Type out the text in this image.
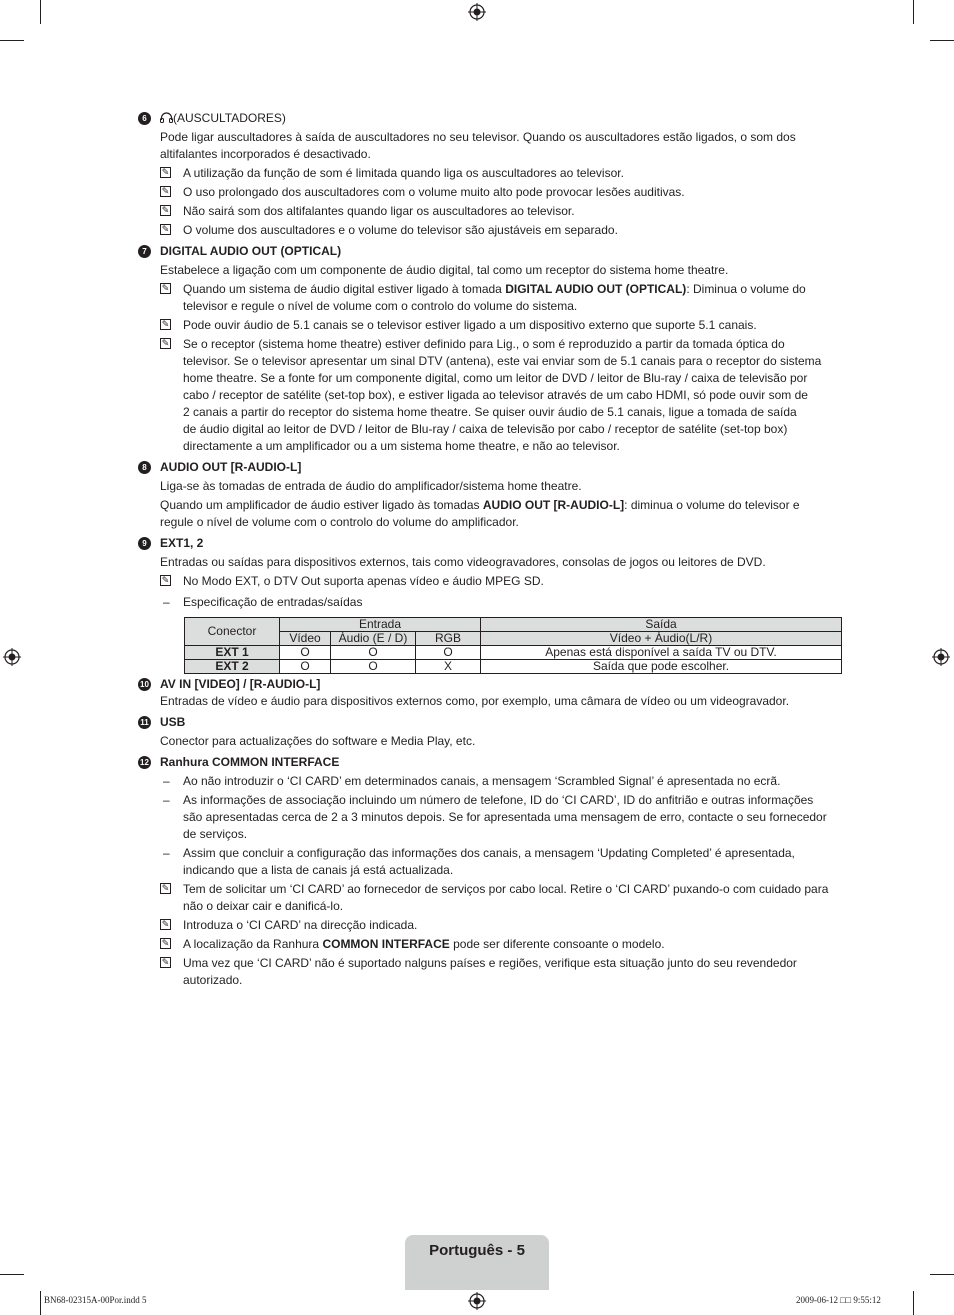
6	(AUSCULTADORES)
Pode ligar auscultadores à saída de auscultadores no seu televisor. Quando os auscultadores estão ligados, o som dos
altifalantes incorporados é desactivado.
✎ A utilização da função de som é limitada quando liga os auscultadores ao televisor.
✎ O uso prolongado dos auscultadores com o volume muito alto pode provocar lesões auditivas.
✎ Não sairá som dos altifalantes quando ligar os auscultadores ao televisor.
✎ O volume dos auscultadores e o volume do televisor são ajustáveis em separado.
7	DIGITAL AUDIO OUT (OPTICAL)
Estabelece a ligação com um componente de áudio digital, tal como um receptor do sistema home theatre.
✎ Quando um sistema de áudio digital estiver ligado à tomada DIGITAL AUDIO OUT (OPTICAL): Diminua o volume do
televisor e regule o nível de volume com o controlo do volume do sistema.
✎ Pode ouvir áudio de 5.1 canais se o televisor estiver ligado a um dispositivo externo que suporte 5.1 canais.
✎ Se o receptor (sistema home theatre) estiver definido para Lig., o som é reproduzido a partir da tomada óptica do
televisor. Se o televisor apresentar um sinal DTV (antena), este vai enviar som de 5.1 canais para o receptor do sistema
home theatre. Se a fonte for um componente digital, como um leitor de DVD / leitor de Blu-ray / caixa de televisão por
cabo / receptor de satélite (set-top box), e estiver ligada ao televisor através de um cabo HDMI, só pode ouvir som de
2 canais a partir do receptor do sistema home theatre. Se quiser ouvir áudio de 5.1 canais, ligue a tomada de saída
de áudio digital ao leitor de DVD / leitor de Blu-ray / caixa de televisão por cabo / receptor de satélite (set-top box)
directamente a um amplificador ou a um sistema home theatre, e não ao televisor.
8	AUDIO OUT [R-AUDIO-L]
Liga-se às tomadas de entrada de áudio do amplificador/sistema home theatre.
Quando um amplificador de áudio estiver ligado às tomadas AUDIO OUT [R-AUDIO-L]: diminua o volume do televisor e
regule o nível de volume com o controlo do volume do amplificador.
9	EXT1, 2
Entradas ou saídas para dispositivos externos, tais como videogravadores, consolas de jogos ou leitores de DVD.
✎ No Modo EXT, o DTV Out suporta apenas vídeo e áudio MPEG SD.
– Especificação de entradas/saídas
Conector	Entrada			Saída
	Vídeo	Áudio (E / D)	RGB	Vídeo + Áudio(L/R)
EXT 1	O	O	O	Apenas está disponível a saída TV ou DTV.
EXT 2	O	O	X	Saída que pode escolher.
10 AV IN [VIDEO] / [R-AUDIO-L]
Entradas de vídeo e áudio para dispositivos externos como, por exemplo, uma câmara de vídeo ou um videogravador.
11 USB
Conector para actualizações do software e Media Play, etc.
12 Ranhura COMMON INTERFACE
– Ao não introduzir o ‘CI CARD’ em determinados canais, a mensagem ‘Scrambled Signal’ é apresentada no ecrã.
– As informações de associação incluindo um número de telefone, ID do ‘CI CARD’, ID do anfitrião e outras informações
são apresentadas cerca de 2 a 3 minutos depois. Se for apresentada uma mensagem de erro, contacte o seu fornecedor
de serviços.
– Assim que concluir a configuração das informações dos canais, a mensagem ‘Updating Completed’ é apresentada,
indicando que a lista de canais já está actualizada.
✎ Tem de solicitar um ‘CI CARD’ ao fornecedor de serviços por cabo local. Retire o ‘CI CARD’ puxando-o com cuidado para
não o deixar cair e danificá-lo.
✎ Introduza o ‘CI CARD’ na direcção indicada.
✎ A localização da Ranhura COMMON INTERFACE pode ser diferente consoante o modelo.
✎ Uma vez que ‘CI CARD’ não é suportado nalguns países e regiões, verifique esta situação junto do seu revendedor
autorizado.
Português - 5
BN68-02315A-00Por.indd 5	2009-06-12 □□ 9:55:12
